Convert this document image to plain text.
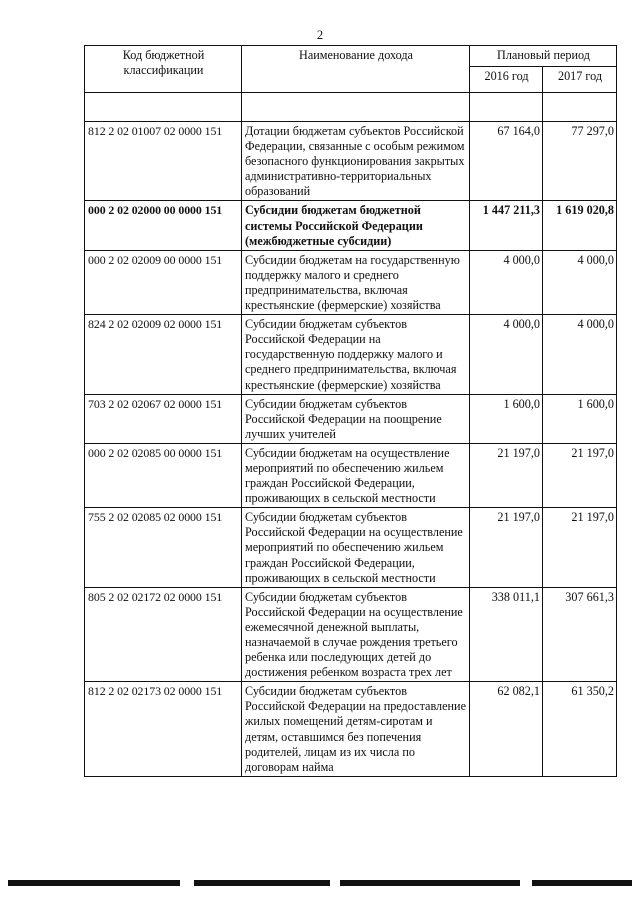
2
Код бюджетной классификации	Наименование дохода	Плановый период	
		2016 год	2017 год

812 2 02 01007 02 0000 151	Дотации бюджетам субъектов Российской Федерации, связанные с особым режимом безопасного функционирования закрытых административно-территориальных образований	67 164,0	77 297,0
000 2 02 02000 00 0000 151	Субсидии бюджетам бюджетной системы Российской Федерации (межбюджетные субсидии)	1 447 211,3	1 619 020,8
000 2 02 02009 00 0000 151	Субсидии бюджетам на государственную поддержку малого и среднего предпринимательства, включая крестьянские (фермерские) хозяйства	4 000,0	4 000,0
824 2 02 02009 02 0000 151	Субсидии бюджетам субъектов Российской Федерации на государственную поддержку малого и среднего предпринимательства, включая крестьянские (фермерские) хозяйства	4 000,0	4 000,0
703 2 02 02067 02 0000 151	Субсидии бюджетам субъектов Российской Федерации на поощрение лучших учителей	1 600,0	1 600,0
000 2 02 02085 00 0000 151	Субсидии бюджетам на осуществление мероприятий по обеспечению жильем граждан Российской Федерации, проживающих в сельской местности	21 197,0	21 197,0
755 2 02 02085 02 0000 151	Субсидии бюджетам субъектов Российской Федерации на осуществление мероприятий по обеспечению жильем граждан Российской Федерации, проживающих в сельской местности	21 197,0	21 197,0
805 2 02 02172 02 0000 151	Субсидии бюджетам субъектов Российской Федерации на осуществление ежемесячной денежной выплаты, назначаемой в случае рождения третьего ребенка или последующих детей до достижения ребенком возраста трех лет	338 011,1	307 661,3
812 2 02 02173 02 0000 151	Субсидии бюджетам субъектов Российской Федерации на предоставление жилых помещений детям-сиротам и детям, оставшимся без попечения родителей, лицам из их числа по договорам найма	62 082,1	61 350,2
